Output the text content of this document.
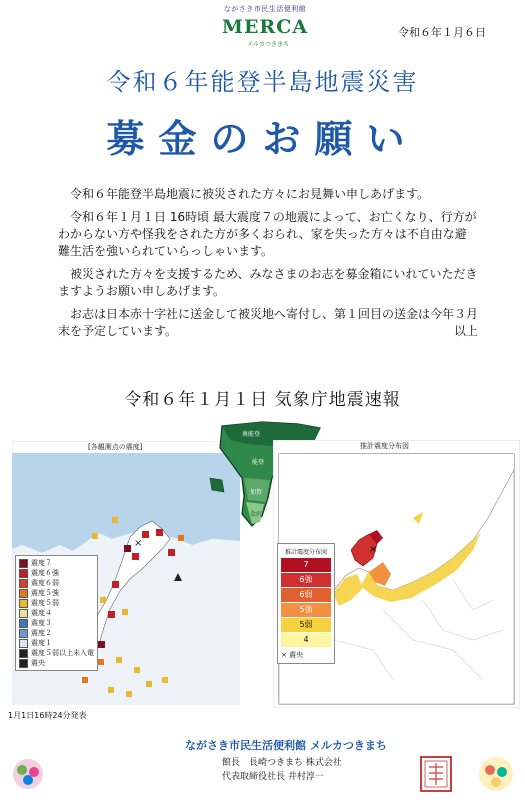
ながさき市民生活便利館
MERCA
メルカつきまち
令和６年１月６日
令和６年能登半島地震災害
募金のお願い

令和６年能登半島地震に被災された方々にお見舞い申しあげます。

令和６年１月１日 16時頃 最大震度７の地震によって、お亡くなり、行方がわからない方や怪我をされた方が多くおられ、家を失った方々は不自由な避難生活を強いられていらっしゃいます。

被災された方々を支援するため、みなさまのお志を募金箱にいれていただきますようお願い申しあげます。

お志は日本赤十字社に送金して被災地へ寄付し、第１回目の送金は今年３月末を予定しています。	以上

令和６年１月１日 気象庁地震速報
×
[各観測点の震度]
震度７
震度６強
震度６弱
震度５強
震度５弱
震度４
震度３
震度２
震度１
震度５弱以上未入電
震央
奥能登
能登
加賀
金沢
×
推計震度分布図
推計震度分布図
7
6強
6弱
5強
5弱
4
× 震央
1月1日16時24分発表
ながさき市民生活便利館 メルカつきまち
館長　長崎つきまち 株式会社
代表取締役社長 井村淳一
